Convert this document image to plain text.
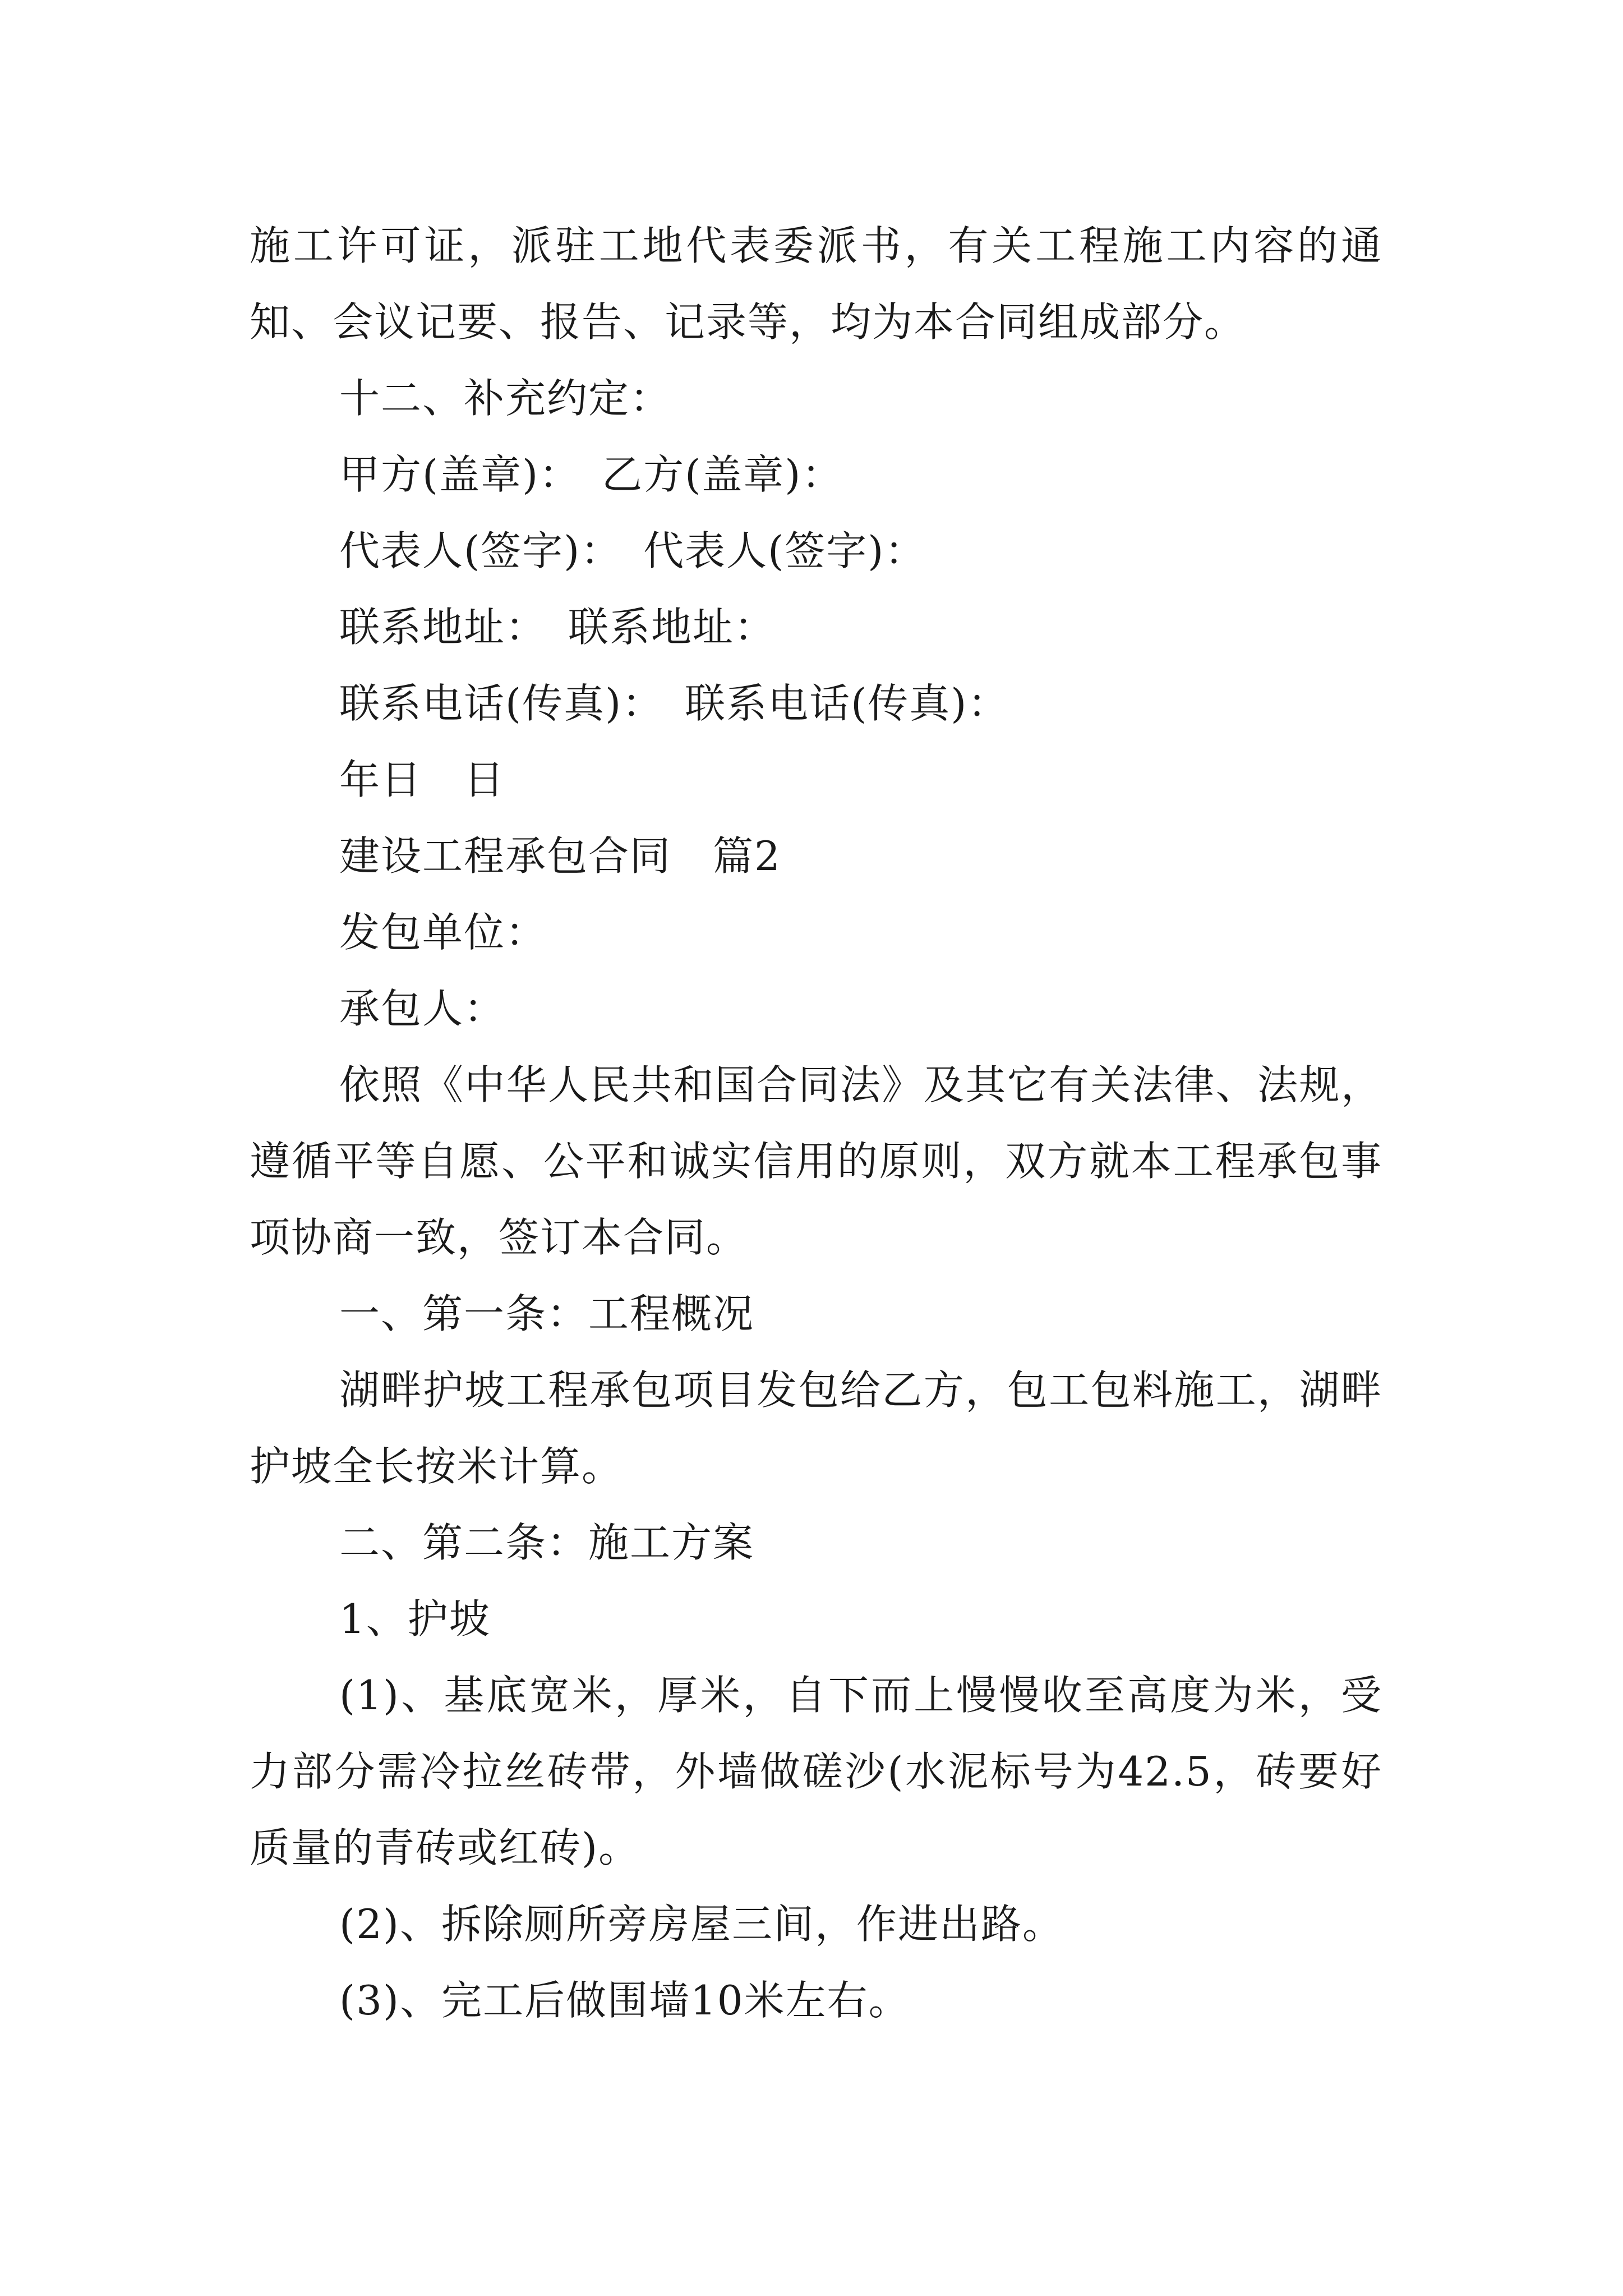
施工许可证，派驻工地代表委派书，有关工程施工内容的通知、会议记要、报告、记录等，均为本合同组成部分。

十二、补充约定：

甲方(盖章)：　乙方(盖章)：

代表人(签字)：　代表人(签字)：

联系地址：　联系地址：

联系电话(传真)：　联系电话(传真)：

年日　日

建设工程承包合同　篇2

发包单位：

承包人：

依照《中华人民共和国合同法》及其它有关法律、法规，遵循平等自愿、公平和诚实信用的原则，双方就本工程承包事项协商一致，签订本合同。

一、第一条：工程概况

湖畔护坡工程承包项目发包给乙方，包工包料施工，湖畔护坡全长按米计算。

二、第二条：施工方案

1、护坡

(1)、基底宽米，厚米，自下而上慢慢收至高度为米，受力部分需冷拉丝砖带，外墙做磋沙(水泥标号为42.5，砖要好质量的青砖或红砖)。

(2)、拆除厕所旁房屋三间，作进出路。

(3)、完工后做围墙10米左右。
